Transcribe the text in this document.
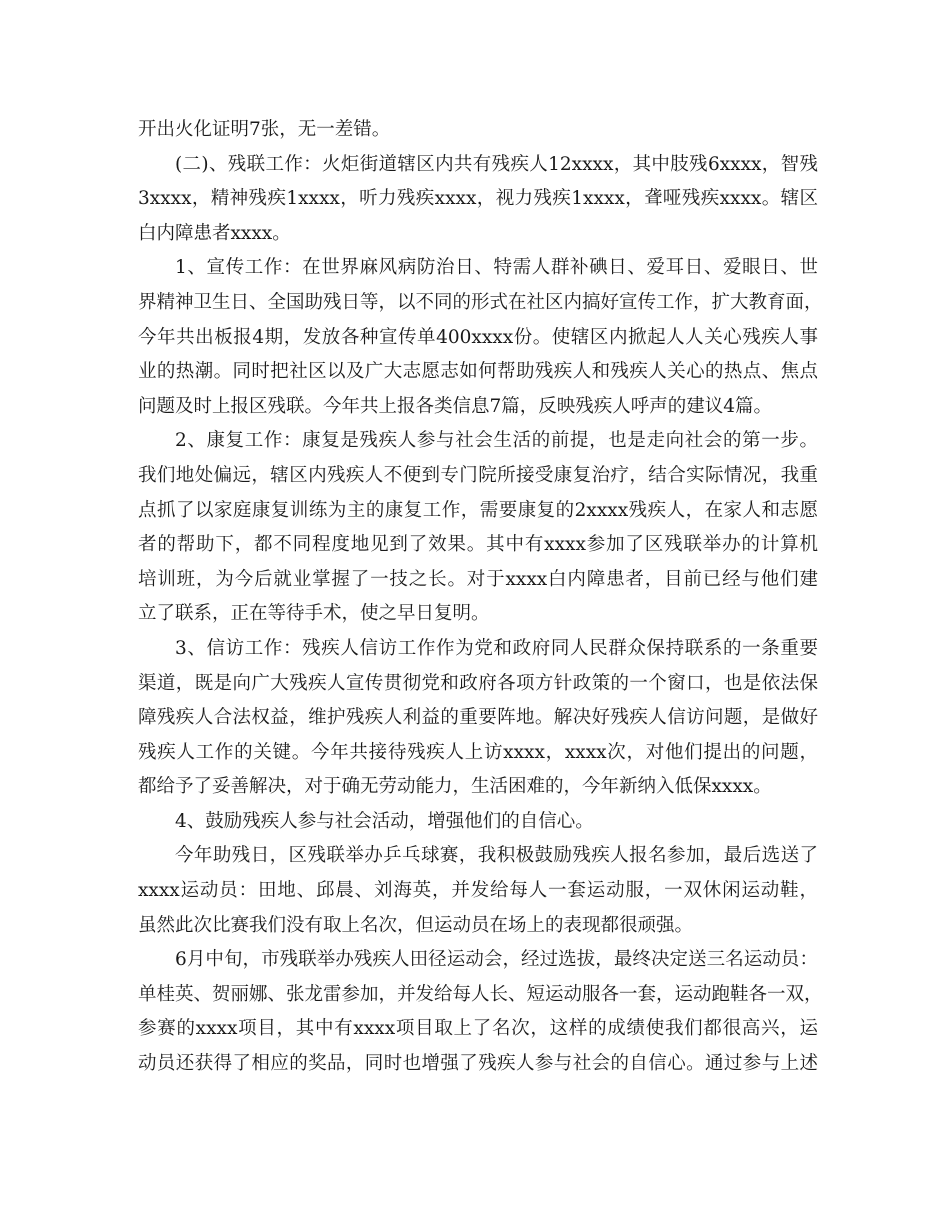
开出火化证明7张，无一差错。
(二)、残联工作：火炬街道辖区内共有残疾人12xxxx，其中肢残6xxxx，智残
3xxxx，精神残疾1xxxx，听力残疾xxxx，视力残疾1xxxx，聋哑残疾xxxx。辖区
白内障患者xxxx。
1、宣传工作：在世界麻风病防治日、特需人群补碘日、爱耳日、爱眼日、世
界精神卫生日、全国助残日等，以不同的形式在社区内搞好宣传工作，扩大教育面，
今年共出板报4期，发放各种宣传单400xxxx份。使辖区内掀起人人关心残疾人事
业的热潮。同时把社区以及广大志愿志如何帮助残疾人和残疾人关心的热点、焦点
问题及时上报区残联。今年共上报各类信息7篇，反映残疾人呼声的建议4篇。
2、康复工作：康复是残疾人参与社会生活的前提，也是走向社会的第一步。
我们地处偏远，辖区内残疾人不便到专门院所接受康复治疗，结合实际情况，我重
点抓了以家庭康复训练为主的康复工作，需要康复的2xxxx残疾人，在家人和志愿
者的帮助下，都不同程度地见到了效果。其中有xxxx参加了区残联举办的计算机
培训班，为今后就业掌握了一技之长。对于xxxx白内障患者，目前已经与他们建
立了联系，正在等待手术，使之早日复明。
3、信访工作：残疾人信访工作作为党和政府同人民群众保持联系的一条重要
渠道，既是向广大残疾人宣传贯彻党和政府各项方针政策的一个窗口，也是依法保
障残疾人合法权益，维护残疾人利益的重要阵地。解决好残疾人信访问题，是做好
残疾人工作的关键。今年共接待残疾人上访xxxx，xxxx次，对他们提出的问题，
都给予了妥善解决，对于确无劳动能力，生活困难的，今年新纳入低保xxxx。
4、鼓励残疾人参与社会活动，增强他们的自信心。
今年助残日，区残联举办乒乓球赛，我积极鼓励残疾人报名参加，最后选送了
xxxx运动员：田地、邱晨、刘海英，并发给每人一套运动服，一双休闲运动鞋，
虽然此次比赛我们没有取上名次，但运动员在场上的表现都很顽强。
6月中旬，市残联举办残疾人田径运动会，经过选拔，最终决定送三名运动员：
单桂英、贺丽娜、张龙雷参加，并发给每人长、短运动服各一套，运动跑鞋各一双，
参赛的xxxx项目，其中有xxxx项目取上了名次，这样的成绩使我们都很高兴，运
动员还获得了相应的奖品，同时也增强了残疾人参与社会的自信心。通过参与上述
